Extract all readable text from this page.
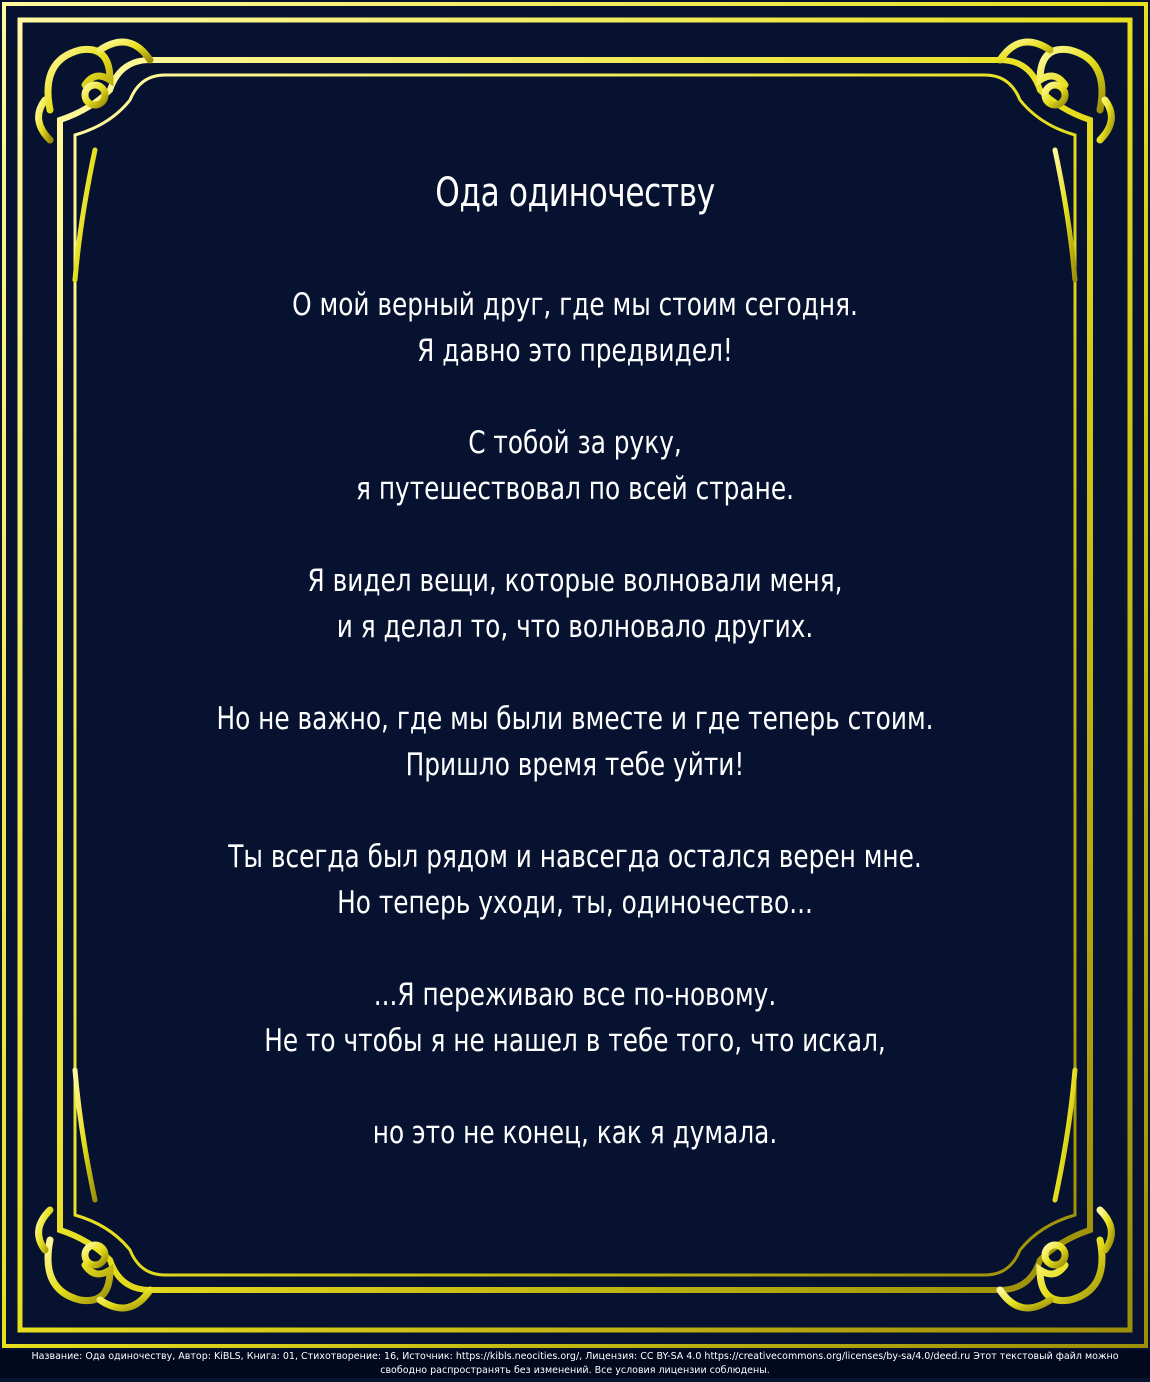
Ода одиночеству
О мой верный друг, где мы стоим сегодня.
Я давно это предвидел!
С тобой за руку,
я путешествовал по всей стране.
Я видел вещи, которые волновали меня,
и я делал то, что волновало других.
Но не важно, где мы были вместе и где теперь стоим.
Пришло время тебе уйти!
Ты всегда был рядом и навсегда остался верен мне.
Но теперь уходи, ты, одиночество...
...Я переживаю все по-новому.
Не то чтобы я не нашел в тебе того, что искал,
но это не конец, как я думала.
Название: Ода одиночеству, Автор: KiBLS, Книга: 01, Стихотворение: 16, Источник: https://kibls.neocities.org/, Лицензия: CC BY-SA 4.0 https://creativecommons.org/licenses/by-sa/4.0/deed.ru Этот текстовый файл можно
свободно распространять без изменений. Все условия лицензии соблюдены.
